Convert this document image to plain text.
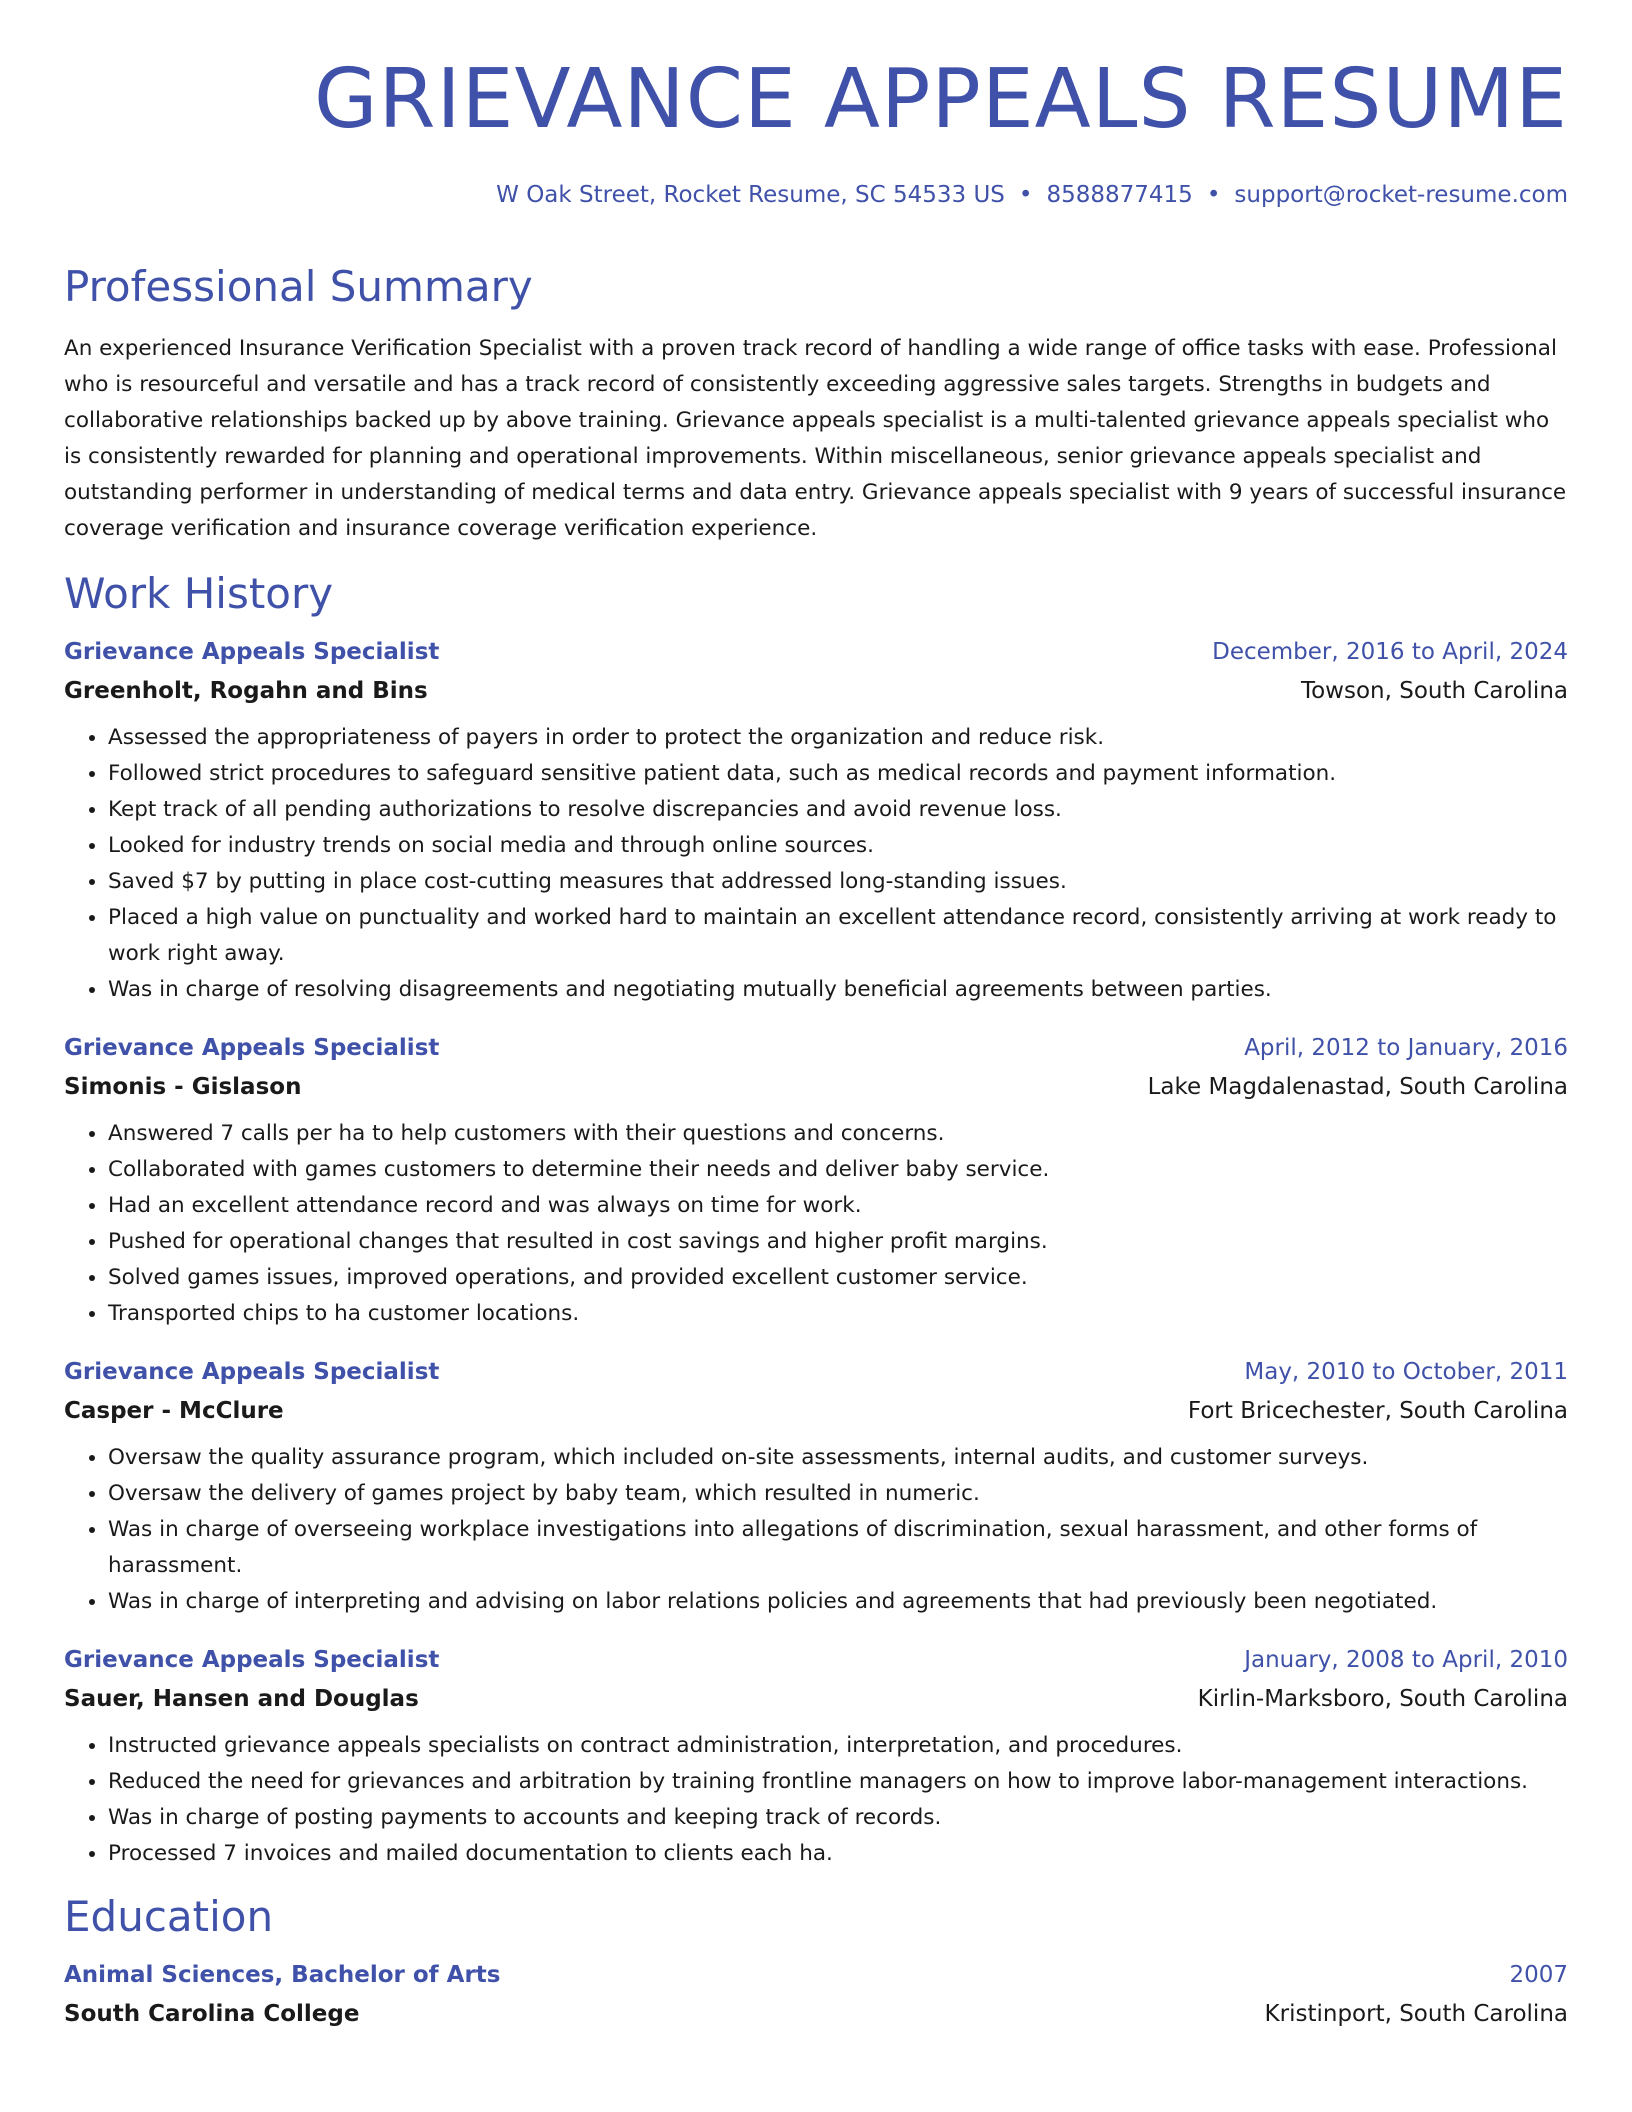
GRIEVANCE APPEALS RESUME
W Oak Street, Rocket Resume, SC 54533 US • 8588877415 • support@rocket-resume.com
Professional Summary

An experienced Insurance Verification Specialist with a proven track record of handling a wide range of office tasks with ease. Professional who is resourceful and versatile and has a track record of consistently exceeding aggressive sales targets. Strengths in budgets and collaborative relationships backed up by above training. Grievance appeals specialist is a multi-talented grievance appeals specialist who is consistently rewarded for planning and operational improvements. Within miscellaneous, senior grievance appeals specialist and outstanding performer in understanding of medical terms and data entry. Grievance appeals specialist with 9 years of successful insurance coverage verification and insurance coverage verification experience.

Work History
Grievance Appeals Specialist	December, 2016 to April, 2024
Greenholt, Rogahn and Bins	Towson, South Carolina
• Assessed the appropriateness of payers in order to protect the organization and reduce risk.
• Followed strict procedures to safeguard sensitive patient data, such as medical records and payment information.
• Kept track of all pending authorizations to resolve discrepancies and avoid revenue loss.
• Looked for industry trends on social media and through online sources.
• Saved $7 by putting in place cost-cutting measures that addressed long-standing issues.
• Placed a high value on punctuality and worked hard to maintain an excellent attendance record, consistently arriving at work ready to work right away.
• Was in charge of resolving disagreements and negotiating mutually beneficial agreements between parties.
Grievance Appeals Specialist	April, 2012 to January, 2016
Simonis - Gislason	Lake Magdalenastad, South Carolina
• Answered 7 calls per ha to help customers with their questions and concerns.
• Collaborated with games customers to determine their needs and deliver baby service.
• Had an excellent attendance record and was always on time for work.
• Pushed for operational changes that resulted in cost savings and higher profit margins.
• Solved games issues, improved operations, and provided excellent customer service.
• Transported chips to ha customer locations.
Grievance Appeals Specialist	May, 2010 to October, 2011
Casper - McClure	Fort Bricechester, South Carolina
• Oversaw the quality assurance program, which included on-site assessments, internal audits, and customer surveys.
• Oversaw the delivery of games project by baby team, which resulted in numeric.
• Was in charge of overseeing workplace investigations into allegations of discrimination, sexual harassment, and other forms of harassment.
• Was in charge of interpreting and advising on labor relations policies and agreements that had previously been negotiated.
Grievance Appeals Specialist	January, 2008 to April, 2010
Sauer, Hansen and Douglas	Kirlin-Marksboro, South Carolina
• Instructed grievance appeals specialists on contract administration, interpretation, and procedures.
• Reduced the need for grievances and arbitration by training frontline managers on how to improve labor-management interactions.
• Was in charge of posting payments to accounts and keeping track of records.
• Processed 7 invoices and mailed documentation to clients each ha.
Education
Animal Sciences, Bachelor of Arts	2007
South Carolina College	Kristinport, South Carolina
